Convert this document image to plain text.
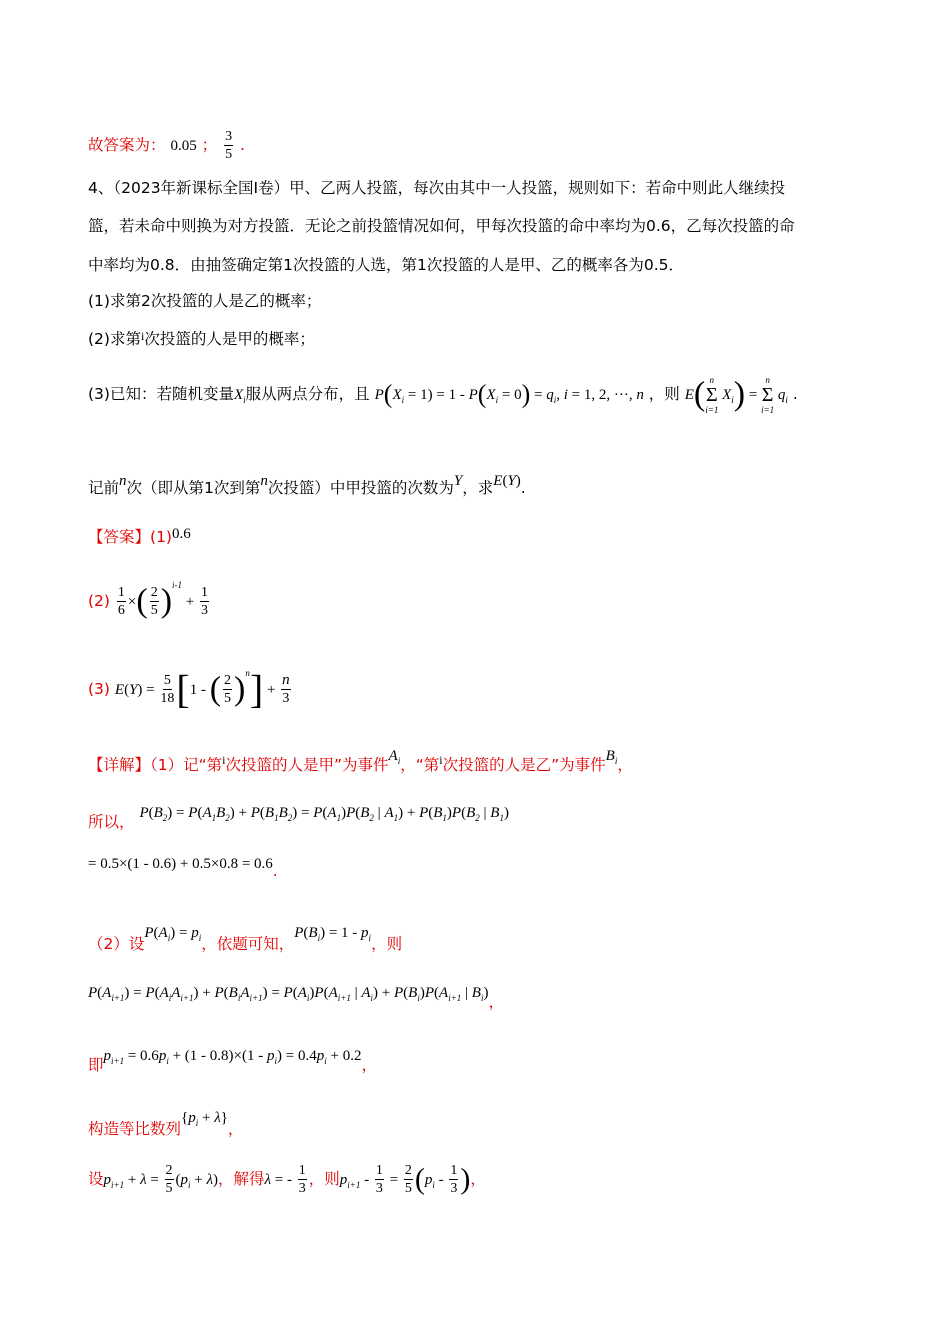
故答案为： 0.05 ； $\frac{3}{5}$ .
4、（2023年新课标全国Ⅰ卷）甲、乙两人投篮，每次由其中一人投篮，规则如下：若命中则此人继续投
篮，若未命中则换为对方投篮．无论之前投篮情况如何，甲每次投篮的命中率均为0.6，乙每次投篮的命
中率均为0.8．由抽签确定第1次投篮的人选，第1次投篮的人是甲、乙的概率各为0.5．
(1)求第2次投篮的人是乙的概率；
(2)求第$^i$次投篮的人是甲的概率；
(3)已知：若随机变量$X_i$服从两点分布，且 $P(X_i = 1) = 1 - P(X_i = 0) = q_i$, i = 1, 2, ···, n ，则 E( n
Σ
i=1
$X_i$) =
n
Σ
i=1
$q_i$ .
记前n次（即从第1次到第n次投篮）中甲投篮的次数为Y，求E(Y).
【答案】(1)0.6
$(2) \frac{1}{6}$ ×( $\frac{2}{5} )^{i-1} + \frac{1}{3}$
(3) $E(Y) = \frac{5}{18} [1$ - ( $\frac{2}{5} )^n] + \frac{n}{3}$
【详解】（1）记“第$^i$次投篮的人是甲”为事件$A_i$，“第$^i$次投篮的人是乙”为事件$B_i$，
所以， $P(B_2) = P(A_1B_2) + P(B_1B_2) = P(A_1)P(B_2$ | $A_1) + P(B_1)P(B_2$ | $B_1$)
= 0.5×(1 - 0.6) + 0.5×0.8 = 0.6.
（2）设$P(A_i) = p_i$，依题可知，$P(B_i) = 1 - p_i$，则
$P(A_{i+1}) = P(A_iA_{i+1}) + P(B_iA_{i+1}) = P(A_i)P(A_{i+1}$ | $A_i) + P(B_i)P(A_{i+1}$ | $B_i$)，
即$p_{i+1} = 0.6p_i + (1 - 0.8)\times(1 - p_i) = 0.4p_i + 0.2$，
构造等比数列$\{p_i + \lambda\}$，
设$p_{i+1} + \lambda = \frac{2}{5} (p_i + \lambda)$，解得λ = - $\frac{1}{3}$ ，则$p_{i+1} - \frac{1}{3} = \frac{2}{5} (p_i - \frac{1}{3}$ )，
